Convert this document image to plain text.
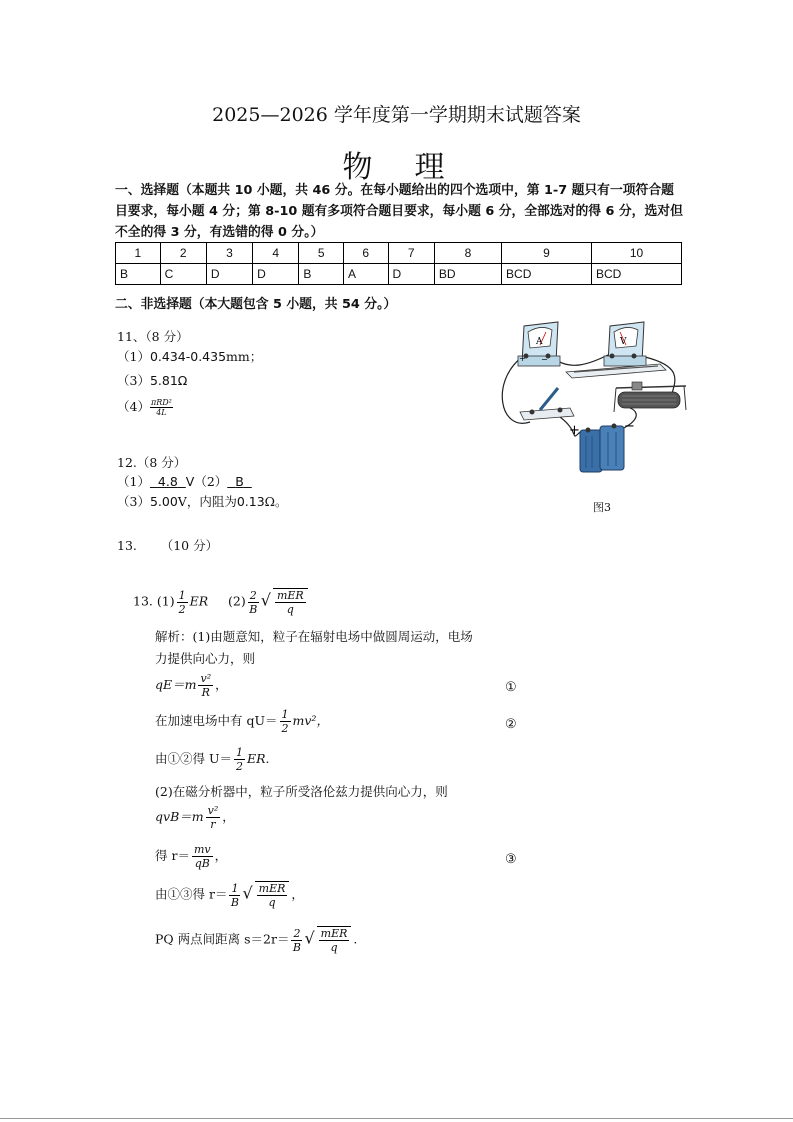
2025—2026 学年度第一学期期末试题答案
物　理
一、选择题（本题共 10 小题，共 46 分。在每小题给出的四个选项中，第 1-7 题只有一项符合题目要求，每小题 4 分；第 8-10 题有多项符合题目要求，每小题 6 分，全部选对的得 6 分，选对但不全的得 3 分，有选错的得 0 分。）
1	2	3	4	5	6	7	8	9	10
B	C	D	D	B	A	D	BD	BCD	BCD
二、非选择题（本大题包含 5 小题，共 54 分。）
11、（8 分）
（1）0.434-0.435mm；
（3）5.81Ω
$(4) \frac{\text{πRD²}}{4L}$
12.（8 分）
（1） 4.8 V（2） B
（3）5.00V，内阻为0.13Ω。
A
+ −
V
+	−
图3
13. （10 分）
13. $(1) \frac{1}{2}$ ER $(2) \frac{2}{B}$ √ mER
q
解析：(1)由题意知，粒子在辐射电场中做圆周运动，电场
力提供向心力，则
$qE=m \frac{\text{v²}}{R}$ ，	①
在加速电场中有 $qU= \frac{1}{2} mv^2$，	②
由①②得 $U= \frac{1}{2}$ ER.
(2)在磁分析器中，粒子所受洛伦兹力提供向心力，则
$qvB=m \frac{\text{v²}}{r}$ ，
得 $r= \frac{mv}{qB}$ ，	③
由①③得 $r= \frac{1}{B}$ √ mER
q
，
PQ 两点间距离 $s=2r= \frac{2}{B}$ √ mER
q
.
